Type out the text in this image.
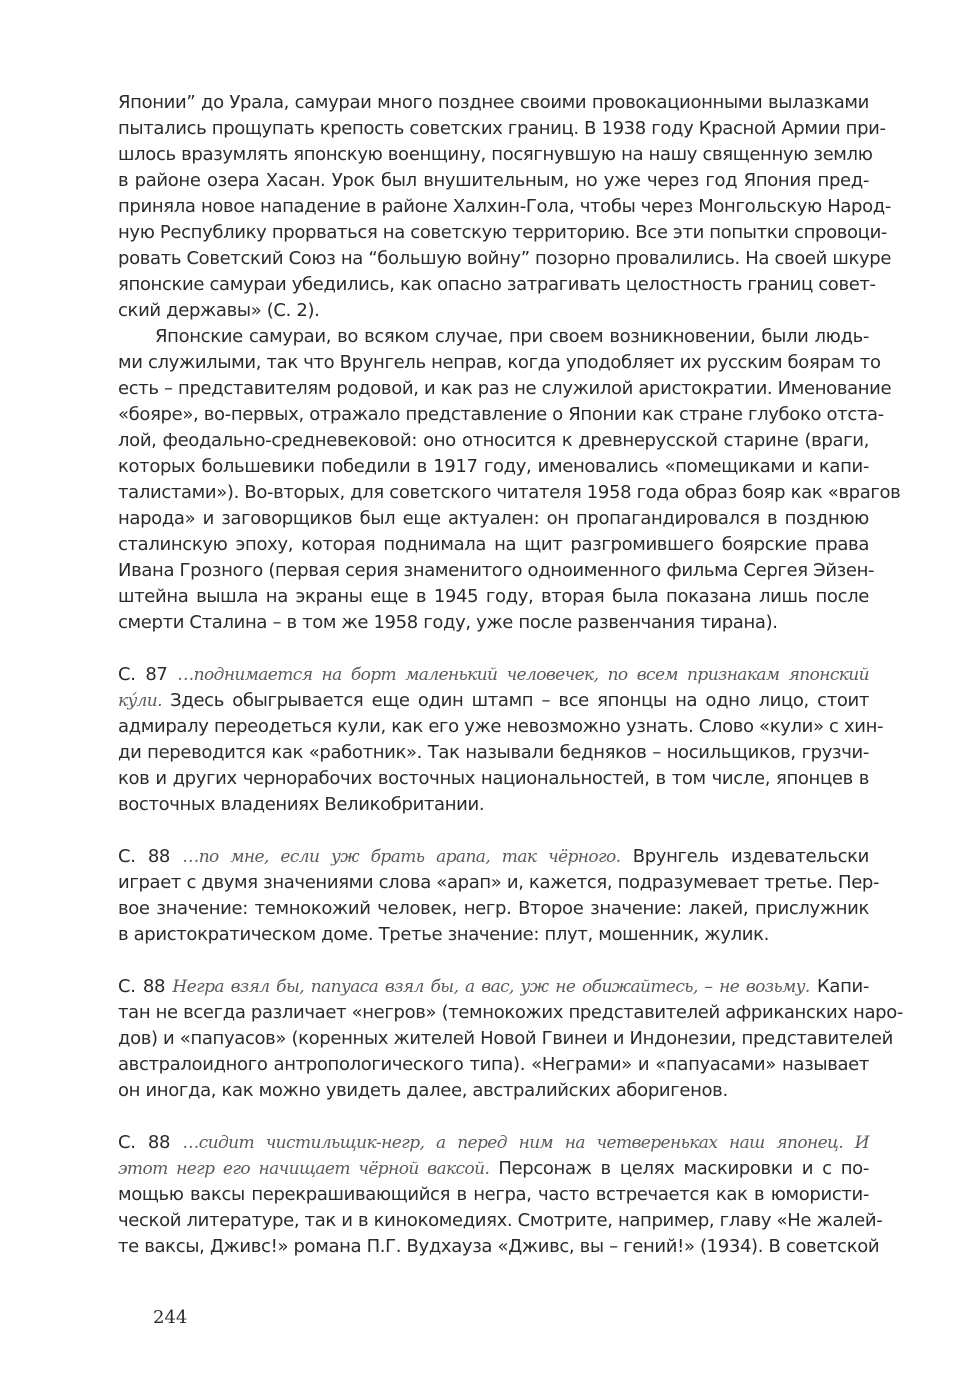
Японии” до Урала, самураи много позднее своими провокационными вылазками
пытались прощупать крепость советских границ. В 1938 году Красной Армии при-
шлось вразумлять японскую военщину, посягнувшую на нашу священную землю
в районе озера Хасан. Урок был внушительным, но уже через год Япония пред-
приняла новое нападение в районе Халхин-Гола, чтобы через Монгольскую Народ-
ную Республику прорваться на советскую территорию. Все эти попытки спровоци-
ровать Советский Союз на “большую войну” позорно провалились. На своей шкуре
японские самураи убедились, как опасно затрагивать целостность границ совет-
ский державы» (С. 2).
Японские самураи, во всяком случае, при своем возникновении, были людь-
ми служилыми, так что Врунгель неправ, когда уподобляет их русским боярам то
есть – представителям родовой, и как раз не служилой аристократии. Именование
«бояре», во-первых, отражало представление о Японии как стране глубоко отста-
лой, феодально-средневековой: оно относится к древнерусской старине (враги,
которых большевики победили в 1917 году, именовались «помещиками и капи-
талистами»). Во-вторых, для советского читателя 1958 года образ бояр как «врагов
народа» и заговорщиков был еще актуален: он пропагандировался в позднюю
сталинскую эпоху, которая поднимала на щит разгромившего боярские права
Ивана Грозного (первая серия знаменитого одноименного фильма Сергея Эйзен-
штейна вышла на экраны еще в 1945 году, вторая была показана лишь после
смерти Сталина – в том же 1958 году, уже после развенчания тирана).
С. 87 …поднимается на борт маленький человечек, по всем признакам японский
кýли. Здесь обыгрывается еще один штамп – все японцы на одно лицо, стоит
адмиралу переодеться кули, как его уже невозможно узнать. Слово «кули» с хин-
ди переводится как «работник». Так называли бедняков – носильщиков, грузчи-
ков и других чернорабочих восточных национальностей, в том числе, японцев в
восточных владениях Великобритании.
С. 88 …по мне, если уж брать арапа, так чёрного. Врунгель издевательски
играет с двумя значениями слова «арап» и, кажется, подразумевает третье. Пер-
вое значение: темнокожий человек, негр. Второе значение: лакей, прислужник
в аристократическом доме. Третье значение: плут, мошенник, жулик.
С. 88 Негра взял бы, папуаса взял бы, а вас, уж не обижайтесь, – не возьму. Капи-
тан не всегда различает «негров» (темнокожих представителей африканских наро-
дов) и «папуасов» (коренных жителей Новой Гвинеи и Индонезии, представителей
австралоидного антропологического типа). «Неграми» и «папуасами» называет
он иногда, как можно увидеть далее, австралийских аборигенов.
С. 88 …сидит чистильщик-негр, а перед ним на четвереньках наш японец. И
этот негр его начищает чёрной ваксой. Персонаж в целях маскировки и с по-
мощью ваксы перекрашивающийся в негра, часто встречается как в юмористи-
ческой литературе, так и в кинокомедиях. Смотрите, например, главу «Не жалей-
те ваксы, Дживс!» романа П.Г. Вудхауза «Дживс, вы – гений!» (1934). В советской
244
